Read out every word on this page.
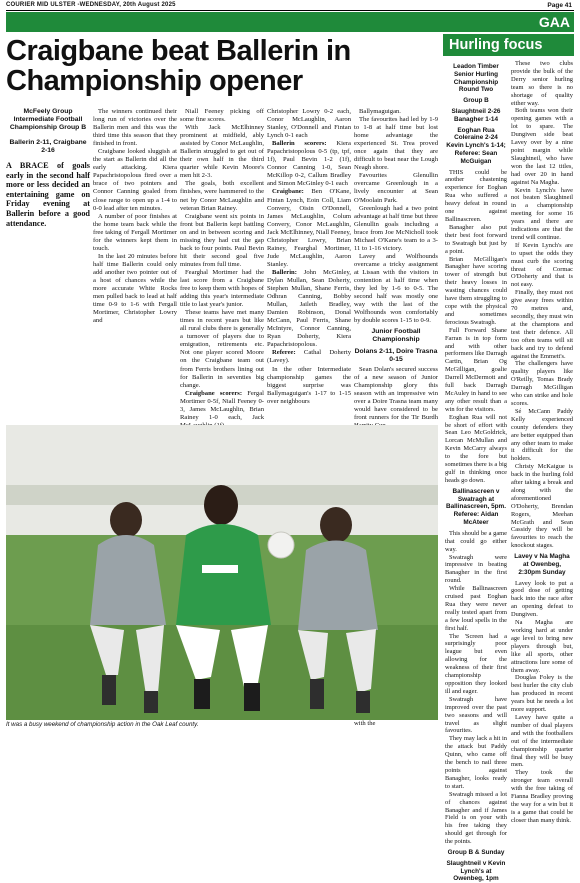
COURIER MID ULSTER -WEDNESDAY, 20th August 2025	Page 41
GAA
Craigbane beat Ballerin in Championship opener
McFeely Group Intermediate Football Championship Group B
Ballerin 2-11, Craigbane 2-16

A BRACE of goals early in the second half more or less decided an entertaining game on Friday evening at Ballerin before a good attendance.

The winners continued their long run of victories over the Ballerin men and this was the third time this season that they finished in front.

Craigbane looked sluggish at the start as Ballerin did all the early attacking. Kiera Papachristopolous fired over a brace of two pointers and Connor Canning goaled from close range to open up a 1-4 to 0-0 lead after ten minutes.

A number of poor finishes at the home team back while the free taking of Fergall Mortimer for the winners kept them in touch.

In the last 20 minutes before half time Ballerin could only add another two pointer out of a host of chances while the more accurate White Rocks men pulled back to lead at half time 0-9 to 1-6 with Fergall Mortimer, Christopher Lowry and

Niall Feeney picking off some fine scores.

With Jack McElhinney prominent at midfield, ably assisted by Conor McLaughlin, Ballerin struggled to get out of their own half in the third quarter while Kevin Moore's men hit 2-3.

The goals, both excellent finishes, were hammered to the net by Conor McLaughlin and veteran Brian Rainey.

Craigbane went six points in front but Ballerin kept battling on and in between scoring and missing they had cut the gap back to four points. Paul Bevin hit their second goal five minutes from full time.

Fearghal Mortimer had the last score from a Craigbane free to keep them with hopes of adding this year's intermediate title to last year's junior.

These teams have met many times in recent years but like all rural clubs there is generally a turnover of players due to emigration, retirements etc. Not one player scored Moore on the Craigbane team out from Ferris brothers lining out for Ballerin in seventies big change.

Craigbane scorers: Fergal Mortimer 0-5f, Niall Feeney 0-3, James McLaughlin, Brian Rainey 1-0 each, Jack

Christopher Lowry 0-2 each, Conor McLaughlin, Aaron Stanley, O'Donnell and Fintan Lynch 0-1 each

Ballerin scorers: Kiera Papachristopolous 0-5 (tp, tpf, 1f), Paul Bevin 1-2 (1f), Connor Canning 1-0, Sean McKillop 0-2, Callum Bradley and Simon McGinley 0-1 each

Craigbane: Ben O'Kane, Fintan Lynch, Eoin Coll, Liam Convery, Oisin O'Donnell, James McLaughlin, Colum Convery, Conor McLaughlin, Jack McElhinney, Niall Feeney, Christopher Lowry, Brian Rainey, Fearghal Mortimer, Jude McLaughlin, Aaron Stanley.

Ballerin: John McGinley, Dylan Mullan, Sean Doherty, Stephen Mullan, Shane Ferris, Odhran Canning, Bobby Mullan, Jaileth Bradley, Damien Robinson, Donal McCann, Paul Ferris, Shane McIntyre, Connor Canning, Ryan Doherty, Kiera Papachristopolous.

Referee: Cathal Doherty (Lavey).

In the other Intermediate championship games the biggest surprise was Ballymaguigan's 1-17 to 1-15 over neighbours

Ballymaguigan.

The favourites had led by 1-9 to 1-8 at half time but lost home advantage the experienced St. Trea proved once again that they are difficult to beat near the Lough Neagh shore.

Favourites Glenullin overcame Greenlough in a lively encounter at Sean O'Moolain Park.

Greenlough had a two point advantage at half time but three Glenullin goals including a brace from Joe McNicholl took Michael O'Kane's team to a 3-11 to 1-16 victory.

Lavey and Wolfhounds overcame a tricky assignment at Lissan with the visitors in contention at half time when they led by 1-6 to 0-5. The second half was mostly one way with the last of the Wolfhounds won comfortably by double scores 1-15 to 0-9.

Junior Football Championship
Dolans 2-11, Doire Trasna 0-15

Sean Dolan's secured success of a new season of Junior Championship glory this season with an impressive win over a Doire Trasna team many would have considered to be front runners for the Tir Burdh

with the

It was a busy weekend of championship action in the Oak Leaf county.
Hurling focus
Leadon Timber Senior Hurling Championship Round Two
Group B
Slaughtneil 2-26 Banagher 1-14
Eoghan Rua Coleraine 2-24 Kevin Lynch's 1-14; Referee: Sean McGuigan

THIS could be another chastening experience for Eoghan Rua who suffered a heavy defeat in round one against Ballinascreen.

Banagher also put their best foot forward to Swatragh but just by a point.

Brian McGilligan's Banagher have scoring tower of strength but their heavy losses in wasting chances could have them struggling to cope with the physical and sometimes ferocious Swatragh.

Full Forward Shane Farran is in top form and with other performers like Darragh Cartin, Brian Og McGilligan, goalie Darrell McDermott and full back Darragh McAuley in hand to see any other result than a win for the visitors.

Eoghan Rua will not be short of effort with Sean Leo McGoldrick, Lorcan McMullan and Kevin McCarry always to the fore but sometimes there is a big gulf in thinking once heads go down.

Ballinascreen v Swatragh at Ballinascreen, 5pm. Referee: Aidan McAteer

This should be a game that could go either way.

Swatragh were impressive in beating Banagher in the first round.

While Ballinascreen cruised past Eoghan Rua they were never really tested apart from a few loud spells in the first half.

The 'Screen had a surprisingly poor league but even allowing for the weakness of their first championship opposition they looked ill and eager.

Swatragh have improved over the past two seasons and will travel as slight favourites.

They may lack a hit in the attack but Paddy Quinn, who came off the bench to nail three points against Banagher, looks ready to start.

Swatragh missed a lot of chances against Banagher and if James Field is on your with his free taking they should get through for the points.

Group B & Sunday
Slaughtneil v Kevin Lynch's at Owenbeg, 1pm

These two clubs provide the bulk of the Derry senior hurling team so there is no shortage of quality either way.

Both teams won their opening games with a lot to spare. The Dungiven side beat Lavey over by a nine point margin while Slaughtneil, who have won the last 12 titles, had over 20 in hand against Na Magha.

Kevin Lynch's have not beaten Slaughtneil in a championship meeting for some 16 years and there are indications are that the trend will continue.

If Kevin Lynch's are to upset the odds they must curb the scoring threat of Cormac O'Doherty and that is not easy.

Finally, they must not give away frees within 70 metres and, secondly, they must win at the champions and test their defence. All too often teams will sit back and try to defend against the Emmett's.

The challengers have quality players like O'Reilly, Tomas Brady Darragh McGilligan who can strike and hole scores.

Sé McCann Paddy Kelly experienced county defenders they are better equipped than any other team to make it difficult for the holders.

Christy McKaigue is back in the hurling fold after taking a break and along with the aforementioned O'Doherty, Brendan Rogers, Meehan McGrath and Sean Cassidy they will be favourites to reach the knockout stages.

Lavey v Na Magha at Owenbeg, 2:30pm Sunday

Lavey look to put a good dose of getting back into the race after an opening defeat to Dungiven.

Na Magha are working hard at under age level to bring new players through but, like all sports, other attractions lure some of them away.

Douglas Foley is the best hurler the city club has produced in recent years but he needs a lot more support.

Lavey have quite a number of dual players and with the footballers out of the intermediate championship quarter final they will be busy men.

They took the stronger team overall with the free taking of Fianna Bradley proving the way for a win but it is a game that could be closer than many think.
